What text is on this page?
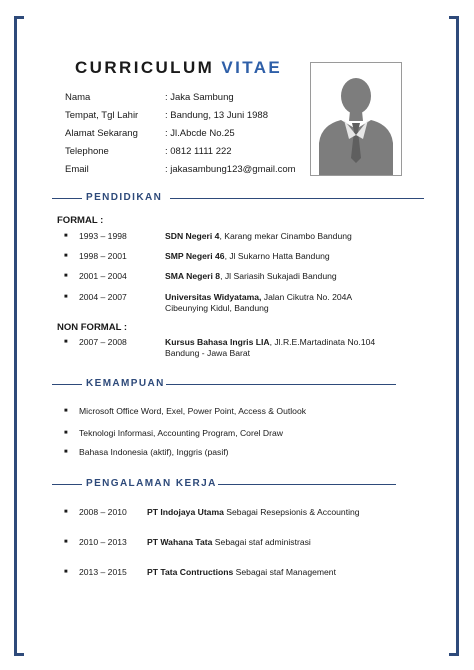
CURRICULUM VITAE
Nama	: Jaka Sambung
Tempat, Tgl Lahir	: Bandung, 13 Juni 1988
Alamat Sekarang	: Jl.Abcde No.25
Telephone	: 0812 1111 222
Email	: jakasambung123@gmail.com
PENDIDIKAN
FORMAL :
■ 1993 – 1998	SDN Negeri 4, Karang mekar Cinambo Bandung
■ 1998 – 2001	SMP Negeri 46, Jl Sukarno Hatta Bandung
■ 2001 – 2004	SMA Negeri 8, Jl Sariasih Sukajadi Bandung
■ 2004 – 2007	Universitas Widyatama, Jalan Cikutra No. 204A
Cibeunying Kidul, Bandung
NON FORMAL :
■ 2007 – 2008	Kursus Bahasa Ingris LIA, Jl.R.E.Martadinata No.104
Bandung - Jawa Barat
KEMAMPUAN
■ Microsoft Office Word, Exel, Power Point, Access & Outlook
■ Teknologi Informasi, Accounting Program, Corel Draw
■ Bahasa Indonesia (aktif), Inggris (pasif)
PENGALAMAN KERJA
■ 2008 – 2010 PT Indojaya Utama Sebagai Resepsionis & Accounting
■ 2010 – 2013 PT Wahana Tata Sebagai staf administrasi
■ 2013 – 2015 PT Tata Contructions Sebagai staf Management
